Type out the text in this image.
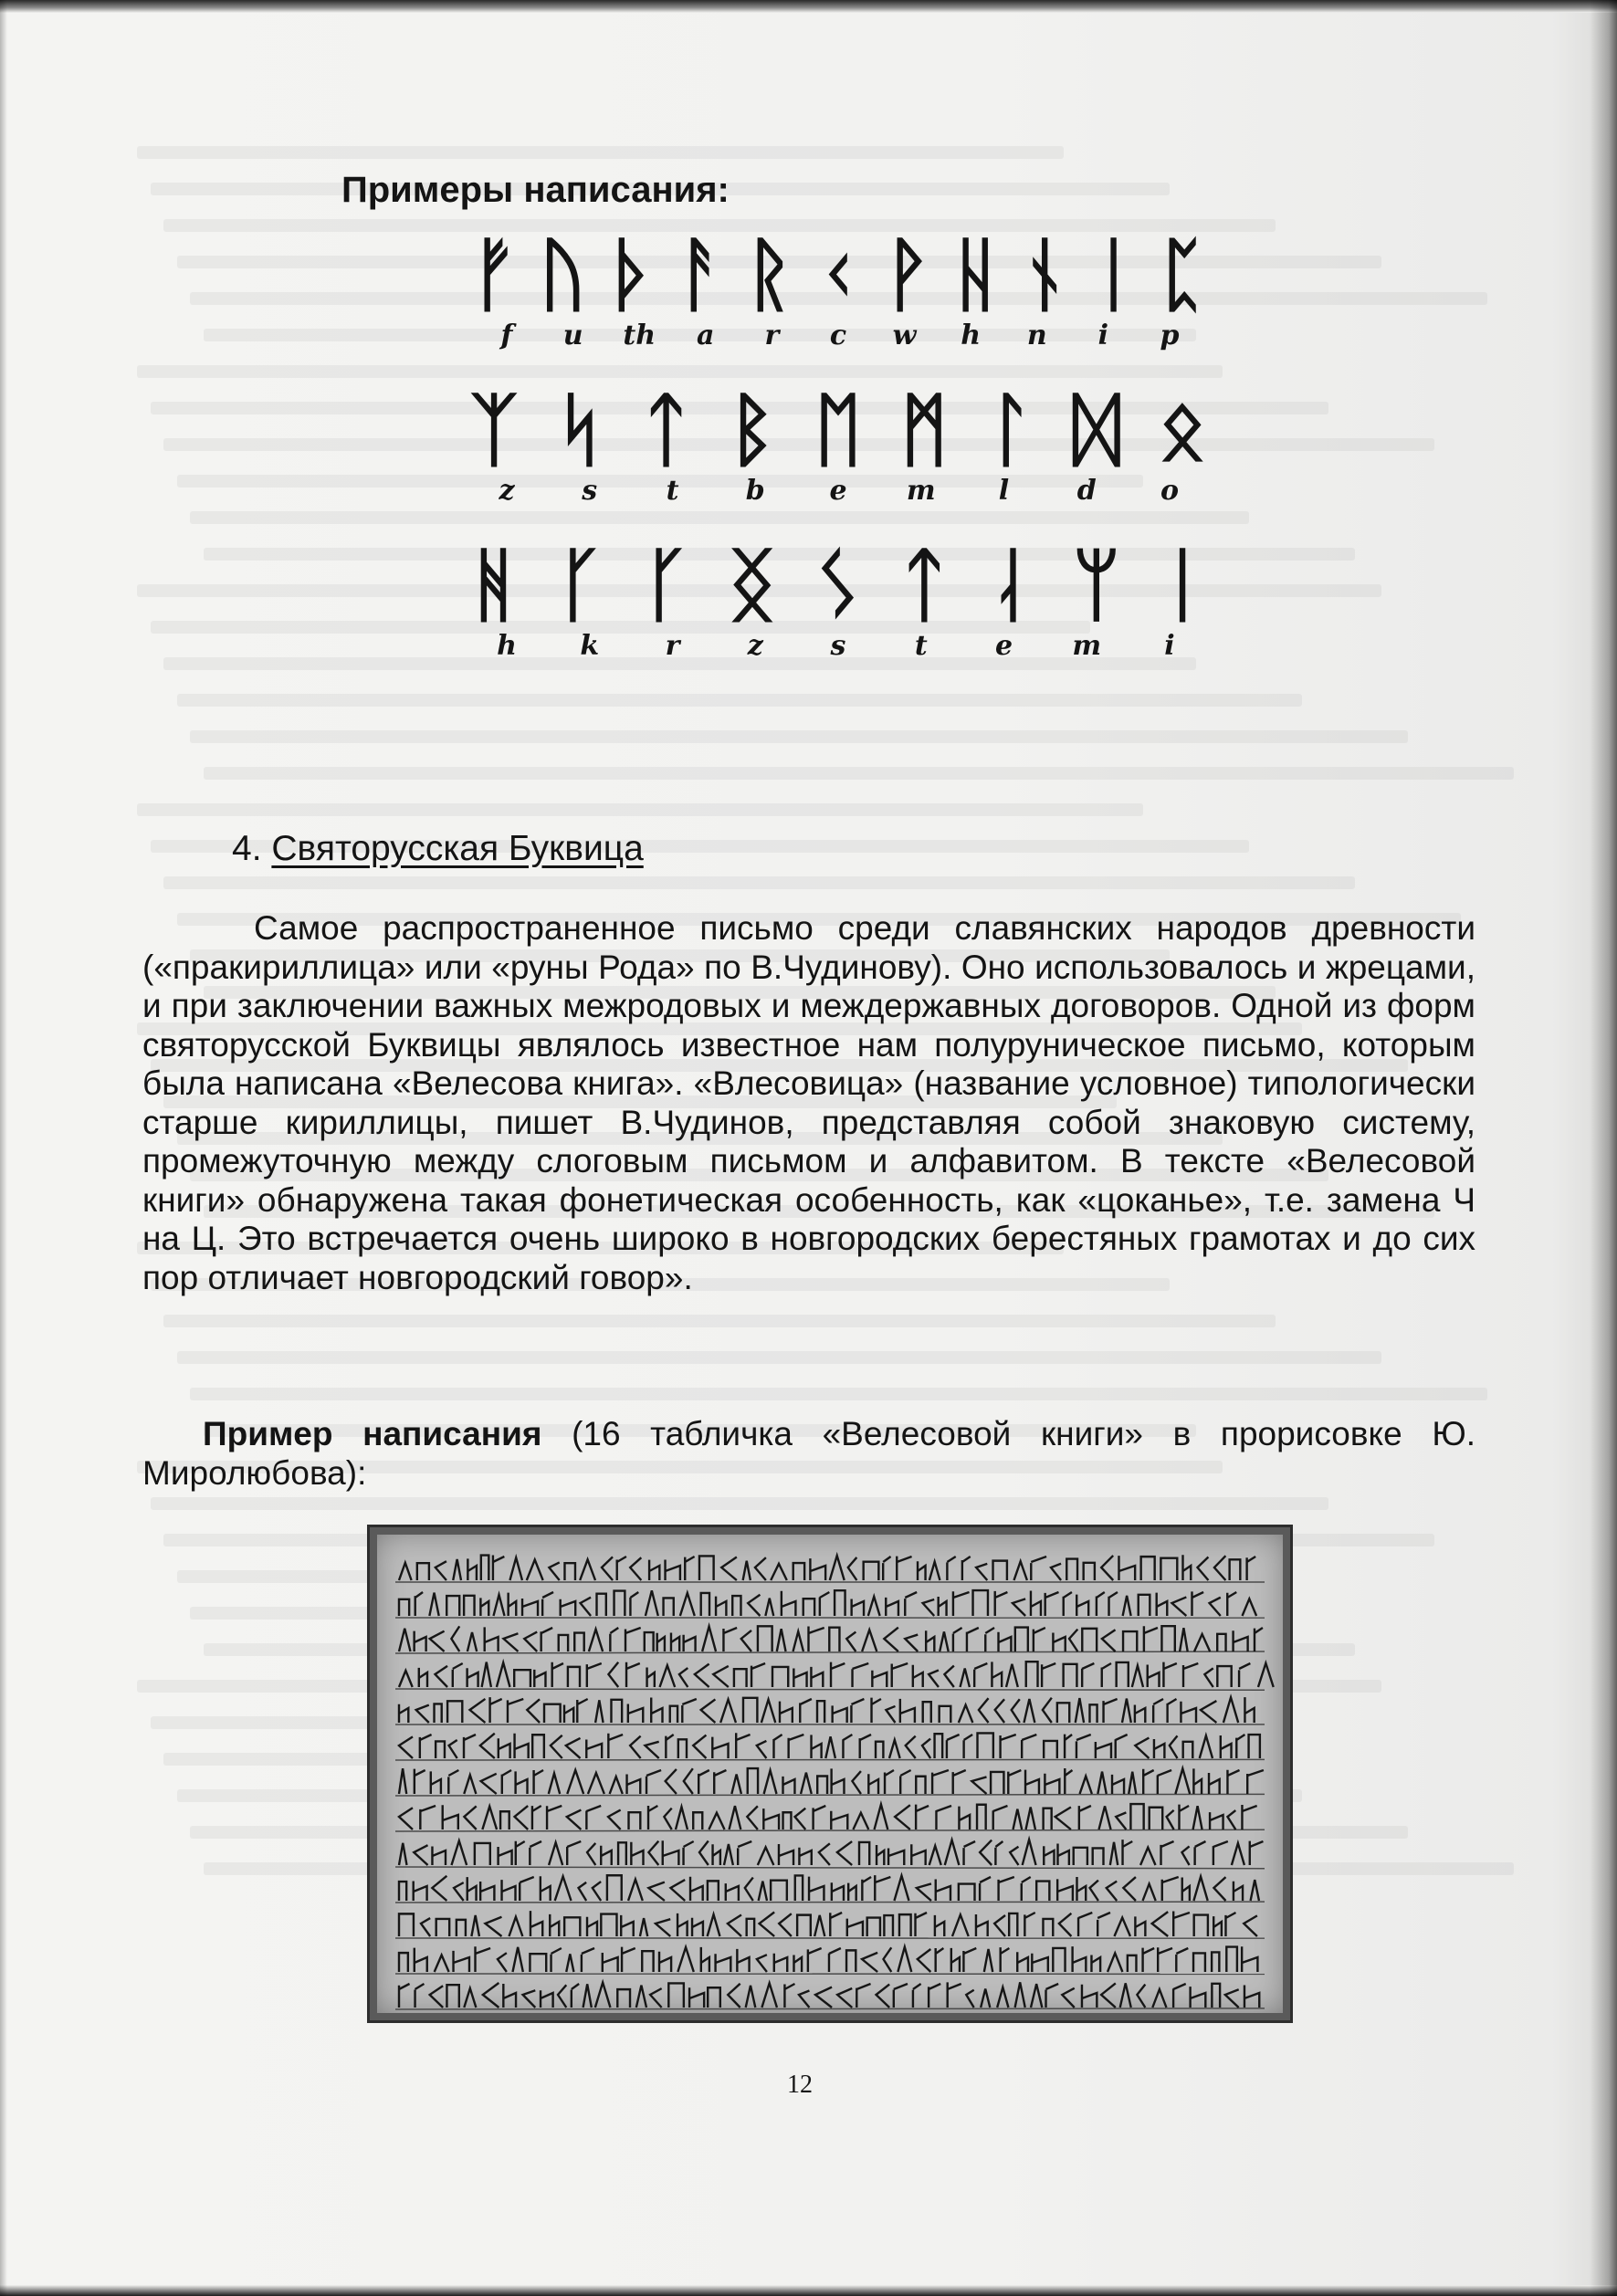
Примеры написания:
ᚠ ᚢ ᚦ ᚨ ᚱ ᚲ ᚹ ᚺ ᚾ ᛁ ᛈ
f	u	th	a	r	c	w	h	n	i	p
ᛉ ᛋ ᛏ ᛒ ᛖ ᛗ ᛚ ᛞ ᛟ
z	s	t	b	e	m	l	d	o
ᚻ ᚴ ᚴ ᛝ ᛊ ᛏ ᛆ ᛘ ᛁ
h	k	r	z	s	t	e	m	i
4. Святорусская Буквица

Самое распространенное письмо среди славянских народов древности («пракириллица» или «руны Рода» по В.Чудинову). Оно использовалось и жрецами, и при заключении важных межродовых и междержавных договоров. Одной из форм святорусской Буквицы являлось известное нам полуруническое письмо, которым была написана «Велесова книга». «Влесовица» (название условное) типологически старше кириллицы, пишет В.Чудинов, представляя собой знаковую систему, промежуточную между слоговым письмом и алфавитом. В тексте «Велесовой книги» обнаружена такая фонетическая особенность, как «цоканье», т.е. замена Ч на Ц. Это встречается очень широко в новгородских берестяных грамотах и до сих пор отличает новгородский говор».

Пример написания (16 табличка «Велесовой книги» в прорисовке Ю. Миролюбова):

12
